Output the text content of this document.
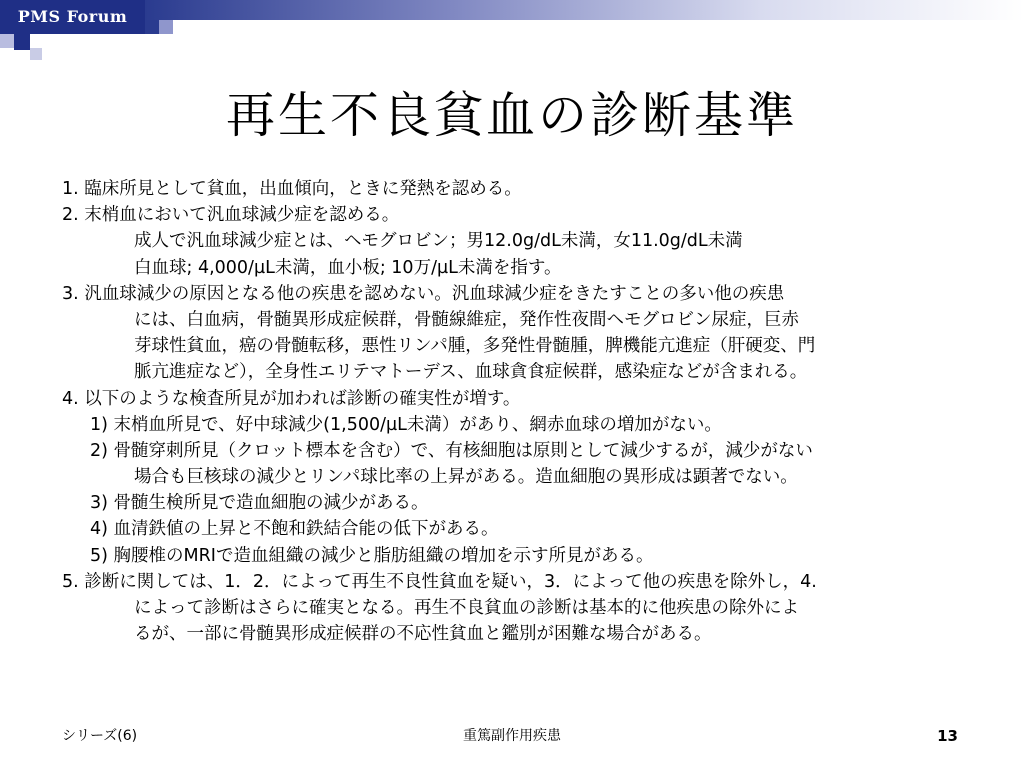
PMS Forum
再生不良貧血の診断基準
1. 臨床所見として貧血，出血傾向，ときに発熱を認める。
2. 末梢血において汎血球減少症を認める。
成人で汎血球減少症とは、ヘモグロビン；男12.0g/dL未満，女11.0g/dL未満
白血球; 4,000/µL未満，血小板; 10万/µL未満を指す。
3. 汎血球減少の原因となる他の疾患を認めない。汎血球減少症をきたすことの多い他の疾患
には、白血病，骨髄異形成症候群，骨髄線維症，発作性夜間ヘモグロビン尿症，巨赤
芽球性貧血，癌の骨髄転移，悪性リンパ腫，多発性骨髄腫，脾機能亢進症（肝硬変、門
脈亢進症など），全身性エリテマトーデス、血球貪食症候群，感染症などが含まれる。
4. 以下のような検査所見が加われば診断の確実性が増す。
1) 末梢血所見で、好中球減少(1,500/µL未満）があり、網赤血球の増加がない。
2) 骨髄穿刺所見（クロット標本を含む）で、有核細胞は原則として減少するが，減少がない
場合も巨核球の減少とリンパ球比率の上昇がある。造血細胞の異形成は顕著でない。
3) 骨髄生検所見で造血細胞の減少がある。
4) 血清鉄値の上昇と不飽和鉄結合能の低下がある。
5) 胸腰椎のMRIで造血組織の減少と脂肪組織の増加を示す所見がある。
5. 診断に関しては、1．2．によって再生不良性貧血を疑い，3．によって他の疾患を除外し，4.
によって診断はさらに確実となる。再生不良貧血の診断は基本的に他疾患の除外によ
るが、一部に骨髄異形成症候群の不応性貧血と鑑別が困難な場合がある。
シリーズ(6)	重篤副作用疾患	13
